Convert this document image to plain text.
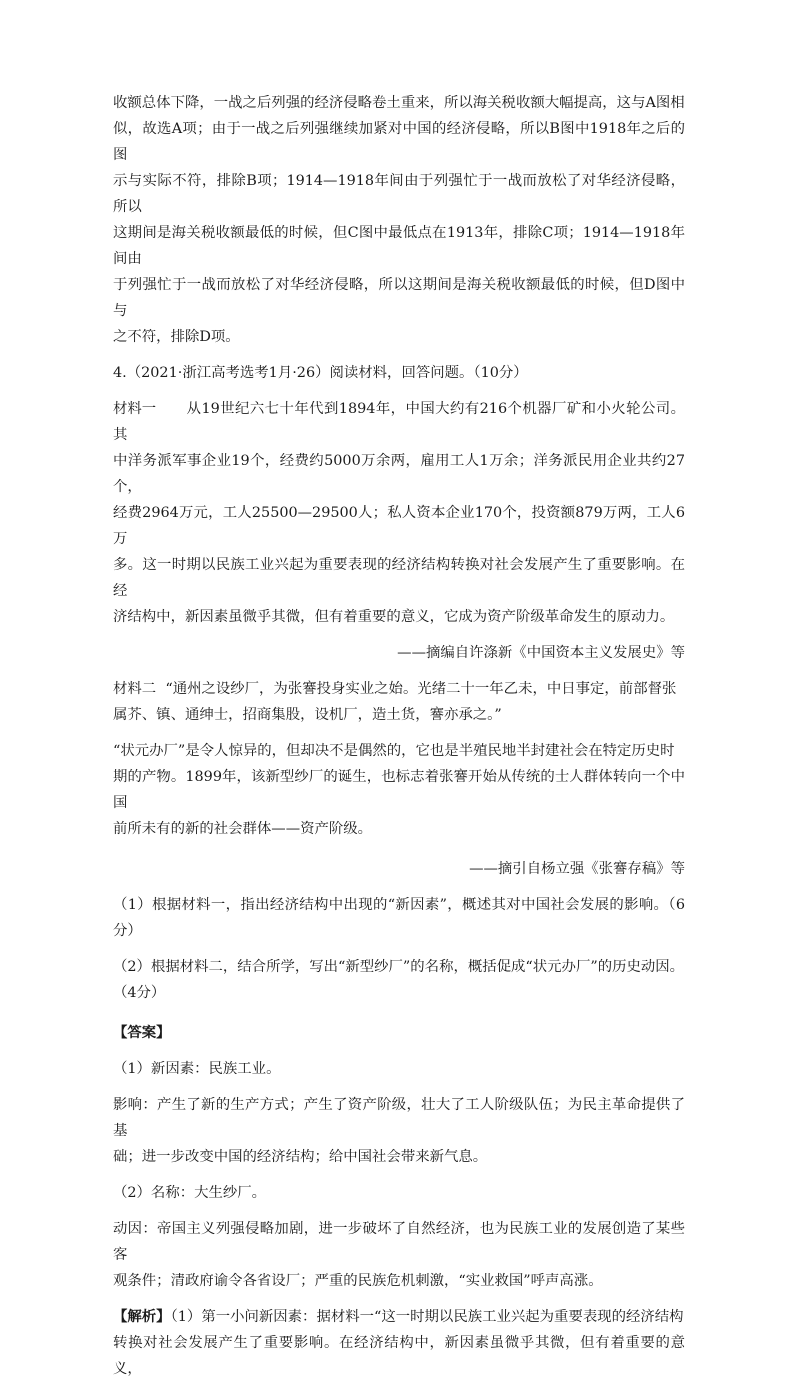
收额总体下降，一战之后列强的经济侵略卷土重来，所以海关税收额大幅提高，这与A图相

似，故选A项；由于一战之后列强继续加紧对中国的经济侵略，所以B图中1918年之后的图

示与实际不符，排除B项；1914—1918年间由于列强忙于一战而放松了对华经济侵略，所以

这期间是海关税收额最低的时候，但C图中最低点在1913年，排除C项；1914—1918年间由

于列强忙于一战而放松了对华经济侵略，所以这期间是海关税收额最低的时候，但D图中与

之不符，排除D项。

4.（2021·浙江高考选考1月·26）阅读材料，回答问题。（10分）

材料一 从19世纪六七十年代到1894年，中国大约有216个机器厂矿和小火轮公司。其

中洋务派军事企业19个，经费约5000万余两，雇用工人1万余；洋务派民用企业共约27个，

经费2964万元，工人25500—29500人；私人资本企业170个，投资额879万两，工人6万

多。这一时期以民族工业兴起为重要表现的经济结构转换对社会发展产生了重要影响。在经

济结构中，新因素虽微乎其微，但有着重要的意义，它成为资产阶级革命发生的原动力。

——摘编自许涤新《中国资本主义发展史》等

材料二 “通州之设纱厂，为张謇投身实业之始。光绪二十一年乙未，中日事定，前部督张

属芥、镇、通绅士，招商集股，设机厂，造土货，謇亦承之。”

“状元办厂”是令人惊异的，但却决不是偶然的，它也是半殖民地半封建社会在特定历史时

期的产物。1899年，该新型纱厂的诞生，也标志着张謇开始从传统的士人群体转向一个中国

前所未有的新的社会群体——资产阶级。

——摘引自杨立强《张謇存稿》等

（1）根据材料一，指出经济结构中出现的“新因素”，概述其对中国社会发展的影响。（6分）

（2）根据材料二，结合所学，写出“新型纱厂”的名称，概括促成“状元办厂”的历史动因。

（4分）

【答案】

（1）新因素：民族工业。

影响：产生了新的生产方式；产生了资产阶级，壮大了工人阶级队伍；为民主革命提供了基

础；进一步改变中国的经济结构；给中国社会带来新气息。

（2）名称：大生纱厂。

动因：帝国主义列强侵略加剧，进一步破坏了自然经济，也为民族工业的发展创造了某些客

观条件；清政府谕令各省设厂；严重的民族危机刺激，“实业救国”呼声高涨。

【解析】（1）第一小问新因素：据材料一“这一时期以民族工业兴起为重要表现的经济结构

转换对社会发展产生了重要影响。在经济结构中，新因素虽微乎其微，但有着重要的意义，
